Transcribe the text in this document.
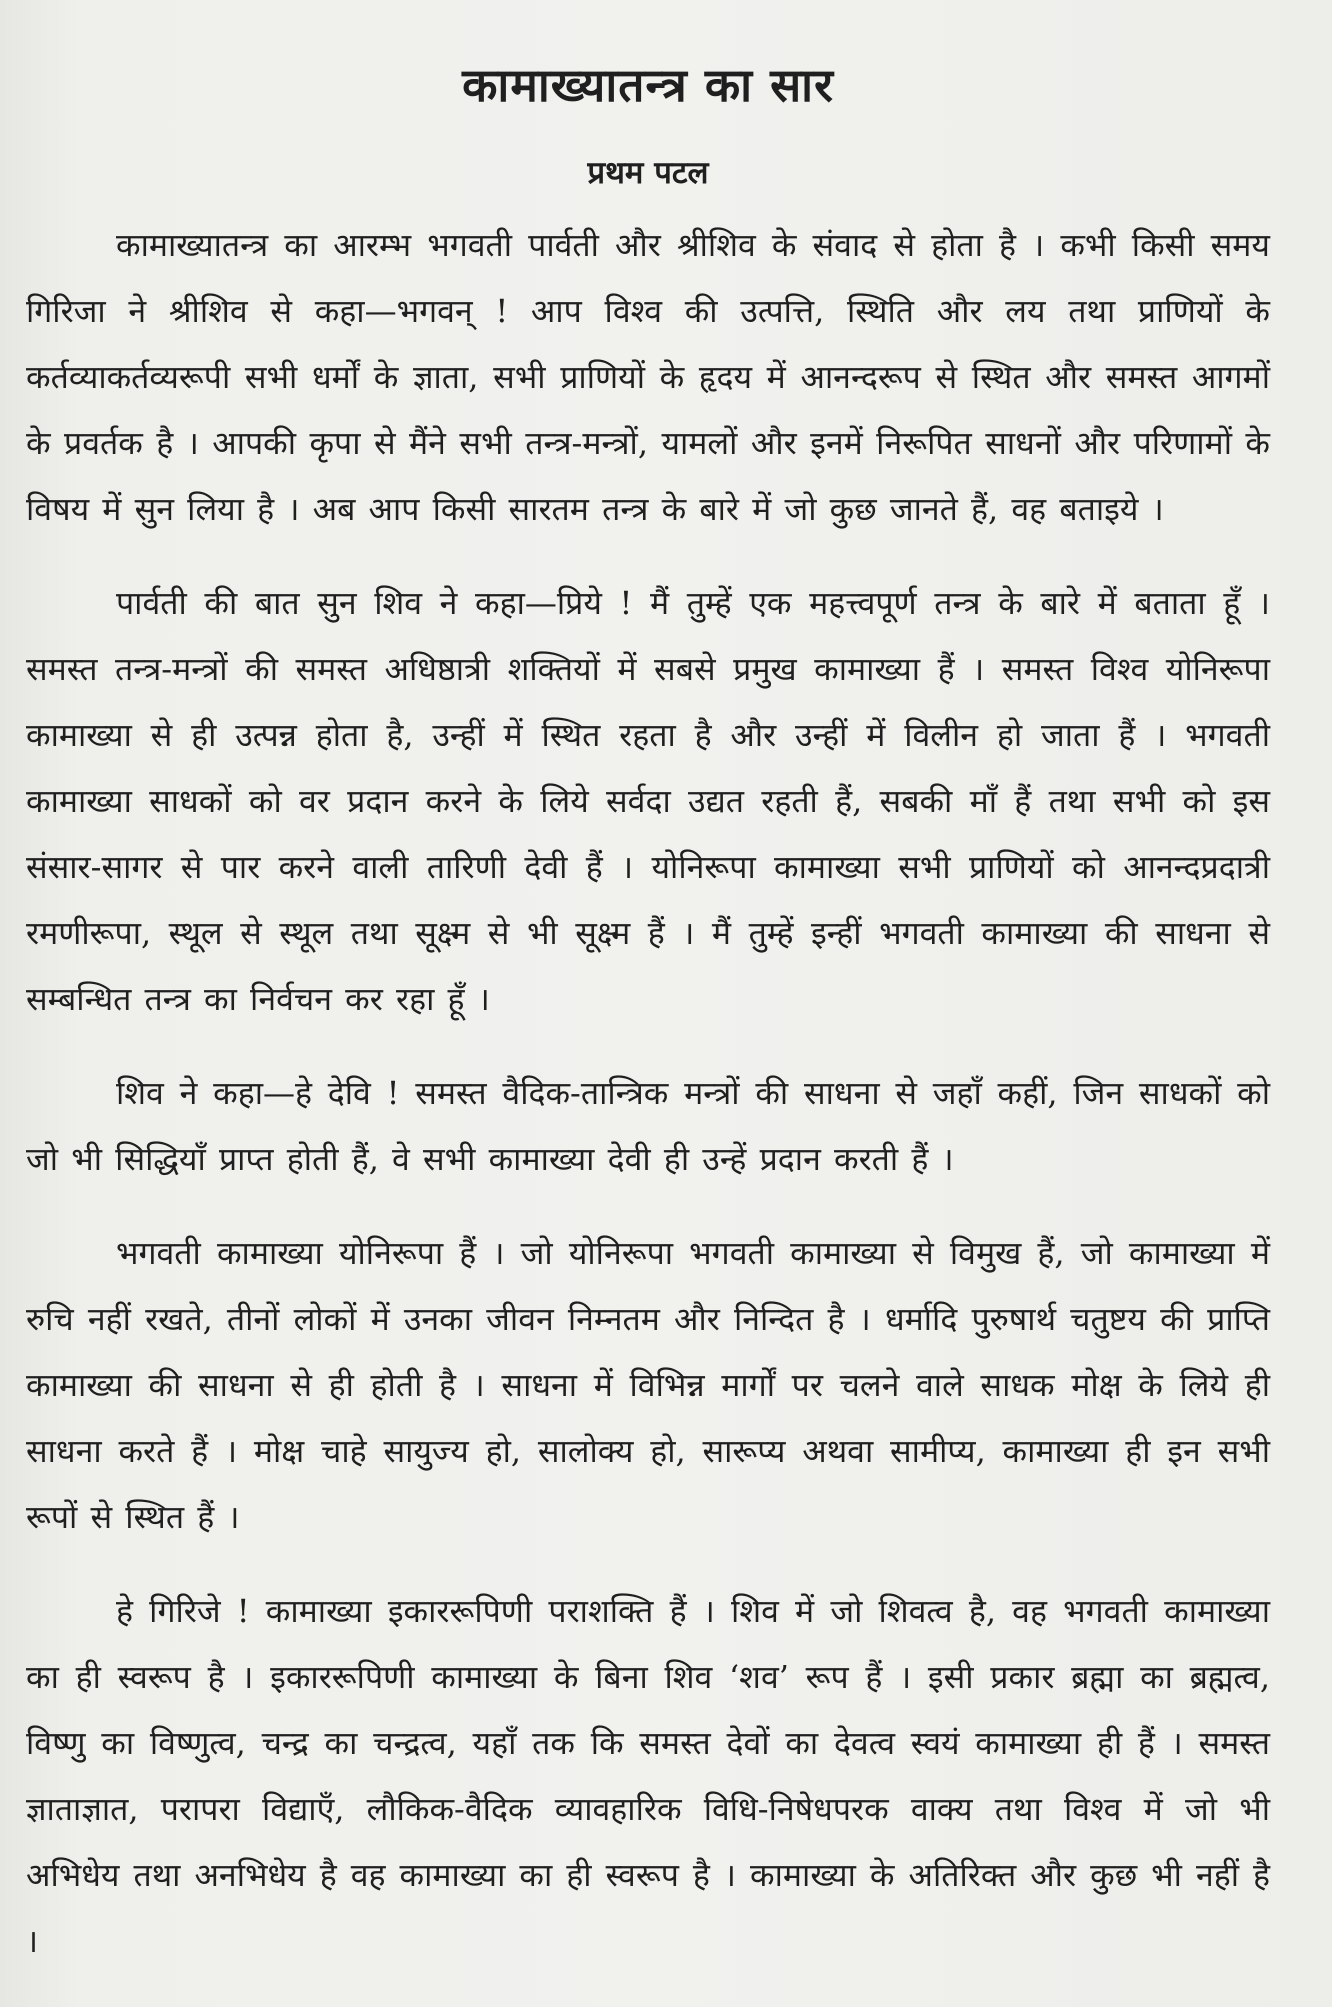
कामाख्यातन्त्र का सार
प्रथम पटल

कामाख्यातन्त्र का आरम्भ भगवती पार्वती और श्रीशिव के संवाद से होता है । कभी किसी समय गिरिजा ने श्रीशिव से कहा—भगवन् ! आप विश्व की उत्पत्ति, स्थिति और लय तथा प्राणियों के कर्तव्याकर्तव्यरूपी सभी धर्मों के ज्ञाता, सभी प्राणियों के हृदय में आनन्दरूप से स्थित और समस्त आगमों के प्रवर्तक है । आपकी कृपा से मैंने सभी तन्त्र-मन्त्रों, यामलों और इनमें निरूपित साधनों और परिणामों के विषय में सुन लिया है । अब आप किसी सारतम तन्त्र के बारे में जो कुछ जानते हैं, वह बताइये ।

पार्वती की बात सुन शिव ने कहा—प्रिये ! मैं तुम्हें एक महत्त्वपूर्ण तन्त्र के बारे में बताता हूँ । समस्त तन्त्र-मन्त्रों की समस्त अधिष्ठात्री शक्तियों में सबसे प्रमुख कामाख्या हैं । समस्त विश्व योनिरूपा कामाख्या से ही उत्पन्न होता है, उन्हीं में स्थित रहता है और उन्हीं में विलीन हो जाता हैं । भगवती कामाख्या साधकों को वर प्रदान करने के लिये सर्वदा उद्यत रहती हैं, सबकी माँ हैं तथा सभी को इस संसार-सागर से पार करने वाली तारिणी देवी हैं । योनिरूपा कामाख्या सभी प्राणियों को आनन्दप्रदात्री रमणीरूपा, स्थूल से स्थूल तथा सूक्ष्म से भी सूक्ष्म हैं । मैं तुम्हें इन्हीं भगवती कामाख्या की साधना से सम्बन्धित तन्त्र का निर्वचन कर रहा हूँ ।

शिव ने कहा—हे देवि ! समस्त वैदिक-तान्त्रिक मन्त्रों की साधना से जहाँ कहीं, जिन साधकों को जो भी सिद्धियाँ प्राप्त होती हैं, वे सभी कामाख्या देवी ही उन्हें प्रदान करती हैं ।

भगवती कामाख्या योनिरूपा हैं । जो योनिरूपा भगवती कामाख्या से विमुख हैं, जो कामाख्या में रुचि नहीं रखते, तीनों लोकों में उनका जीवन निम्नतम और निन्दित है । धर्मादि पुरुषार्थ चतुष्टय की प्राप्ति कामाख्या की साधना से ही होती है । साधना में विभिन्न मार्गों पर चलने वाले साधक मोक्ष के लिये ही साधना करते हैं । मोक्ष चाहे सायुज्य हो, सालोक्य हो, सारूप्य अथवा सामीप्य, कामाख्या ही इन सभी रूपों से स्थित हैं ।

हे गिरिजे ! कामाख्या इकाररूपिणी पराशक्ति हैं । शिव में जो शिवत्व है, वह भगवती कामाख्या का ही स्वरूप है । इकाररूपिणी कामाख्या के बिना शिव ‘शव’ रूप हैं । इसी प्रकार ब्रह्मा का ब्रह्मत्व, विष्णु का विष्णुत्व, चन्द्र का चन्द्रत्व, यहाँ तक कि समस्त देवों का देवत्व स्वयं कामाख्या ही हैं । समस्त ज्ञाताज्ञात, परापरा विद्याएँ, लौकिक-वैदिक व्यावहारिक विधि-निषेधपरक वाक्य तथा विश्व में जो भी अभिधेय तथा अनभिधेय है वह कामाख्या का ही स्वरूप है । कामाख्या के अतिरिक्त और कुछ भी नहीं है ।
